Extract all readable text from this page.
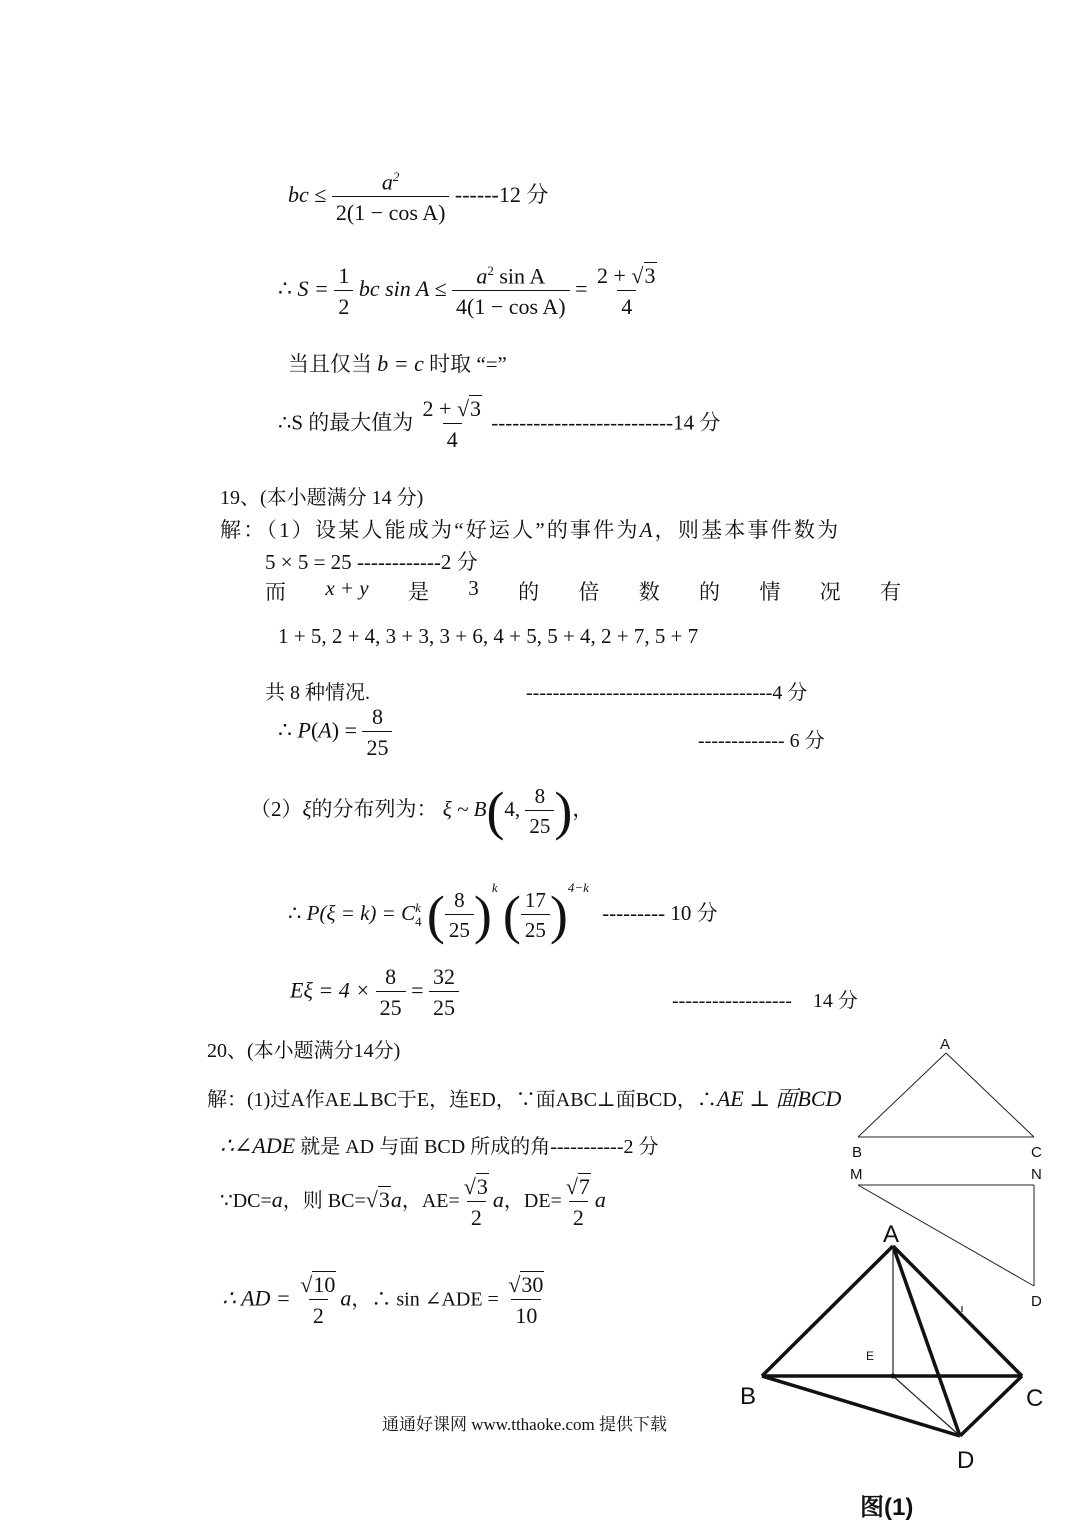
bc ≤ $\frac{a^2}{\text{2(1 − cos A)}} ------12$ 分
∴ $S = \frac{1}{2}$ bc $\sin A \le \frac{a^2 \sin A}{\text{4(1 − cos A)}} = \frac{2 + √3}{4}$
当且仅当 b = c 时取 “=”
∴S 的最大值为 $\frac{2 + √3}{4} --------------------------14$ 分
19、(本小题满分 14 分)
解：（1）设某人能成为“好运人”的事件为A，则基本事件数为
5 × 5 = 25 ------------2 分
而 x + y 是 3 的 倍 数 的 情 况 有
1 + 5, 2 + 4, 3 + 3, 3 + 6, 4 + 5, 5 + 4, 2 + 7, 5 + 7
共 8 种情况.	-------------------------------------4 分
∴ $P(A) = \frac{8}{25}$	------------- 6 分
（2）ξ的分布列为： ξ ~ B(4, $\frac{8}{25}$ )，
∴ P(ξ = k) = C k
4 ( $\frac{8}{25} )^k$ ( $\frac{17}{25} )^{4-k}$ --------- 10 分
$E\xi = 4 \times \frac{8}{25} = \frac{32}{25}$	------------------ 14 分
20、(本小题满分14分)
解：(1)过A作AE⊥BC于E，连ED，∵面ABC⊥面BCD，∴AE ⊥ 面BCD
∴∠ADE 就是 AD 与面 BCD 所成的角-----------2 分
∵DC=a，则 BC=√3a，$AE= \frac{√3}{2}$ a，$DE= \frac{√7}{2}$ a
∴ AD = $\frac{√10}{2}$ a，∴ sin ∠ADE = $\frac{√30}{10}$
通通好课网 www.tthaoke.com 提供下载
A
B	C
M	N
D
A
B	C
D
E
图(1)
